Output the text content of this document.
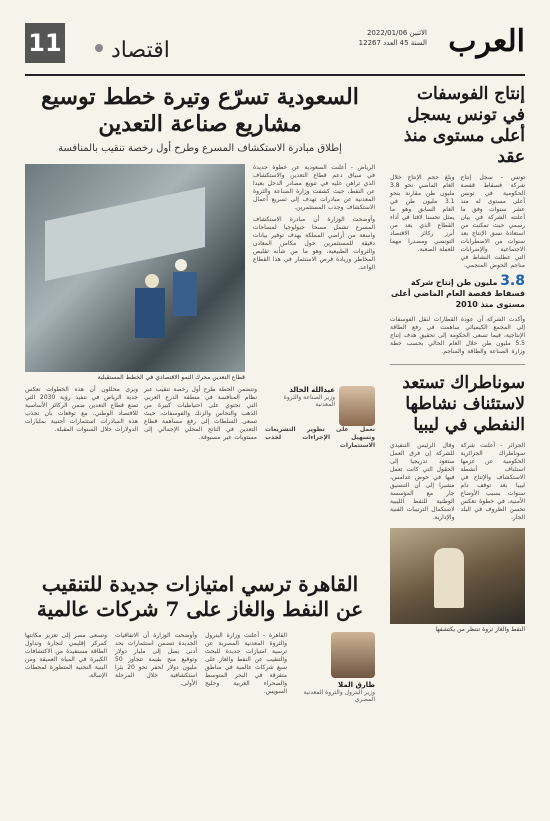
العرب
الاثنين 2022/01/06
السنة 45 العدد 12267
اقتصاد
11
إنتاج الفوسفات في تونس يسجل أعلى مستوى منذ عقد
تونس - سجل إنتاج شركة فسفاط قفصة الحكومية في تونس أعلى مستوى له منذ عشر سنوات وفق ما أعلنته الشركة في بيان رسمي حيث تمكنت من استعادة نسق الإنتاج بعد سنوات من الاضطرابات الاجتماعية والإضرابات التي عطلت النشاط في مناجم الحوض المنجمي.
وبلغ حجم الإنتاج خلال العام الماضي نحو 3.8 مليون طن مقارنة بنحو 3.1 مليون طن في العام السابق وهو ما يمثل تحسنا لافتا في أداء القطاع الذي يعد من أبرز ركائز الاقتصاد التونسي ومصدرا مهما للعملة الصعبة.
3.8 مليون طن إنتاج شركة فسفاط قفصة العام الماضي أعلى مستوى منذ 2010
وأكدت الشركة أن عودة القطارات لنقل الفوسفات إلى المجمع الكيميائي ساهمت في رفع الطاقة الإنتاجية، فيما تسعى الحكومة إلى تحقيق هدف إنتاج 5.5 مليون طن خلال العام الحالي بحسب خطة وزارة الصناعة والطاقة والمناجم.
سوناطراك تستعد لاستئناف نشاطها النفطي في ليبيا
الجزائر - أعلنت شركة سوناطراك الجزائرية الحكومية عن عزمها استئناف أنشطة الاستكشاف والإنتاج في ليبيا بعد توقف دام سنوات بسبب الأوضاع الأمنية، في خطوة تعكس تحسن الظروف في البلد الجار.
وقال الرئيس التنفيذي للشركة إن فرق العمل ستعود تدريجيا إلى الحقول التي كانت تعمل فيها في حوض غدامس، مشيرا إلى أن التنسيق جار مع المؤسسة الوطنية للنفط الليبية لاستكمال الترتيبات الفنية والإدارية.
النفط والغاز ثروة تنتظر من يكتشفها
السعودية تسرّع وتيرة خطط توسيع مشاريع صناعة التعدين
إطلاق مبادرة الاستكشاف المسرع وطرح أول رخصة تنقيب بالمنافسة
قطاع التعدين محرك النمو الاقتصادي في الخطط المستقبلية
الرياض - أعلنت السعودية عن خطوة جديدة في سياق دعم قطاع التعدين والاستكشاف الذي تراهن عليه في تنويع مصادر الدخل بعيدا عن النفط، حيث كشفت وزارة الصناعة والثروة المعدنية عن مبادرات تهدف إلى تسريع أعمال الاستكشاف وجذب المستثمرين.
وأوضحت الوزارة أن مبادرة الاستكشاف المسرع تشمل مسحا جيولوجيا لمساحات واسعة من أراضي المملكة بهدف توفير بيانات دقيقة للمستثمرين حول مكامن المعادن والثروات الطبيعية، وهو ما من شأنه تقليص المخاطر وزيادة فرص الاستثمار في هذا القطاع الواعد.
وتتضمن الخطة طرح أول رخصة تنقيب عبر نظام المنافسة في منطقة الدرع العربي التي تحتوي على احتياطيات كبيرة من الذهب والنحاس والزنك والفوسفات، حيث تسعى السلطات إلى رفع مساهمة قطاع التعدين في الناتج المحلي الإجمالي إلى مستويات غير مسبوقة.
ويرى محللون أن هذه الخطوات تعكس جدية الرياض في تنفيذ رؤية 2030 التي تضع قطاع التعدين ضمن الركائز الأساسية للاقتصاد الوطني، مع توقعات بأن تجذب هذه المبادرات استثمارات أجنبية بمليارات الدولارات خلال السنوات المقبلة.
عبدالله الخالد
وزير الصناعة والثروة المعدنية
نعمل على تطوير التشريعات وتسهيل الإجراءات لجذب الاستثمارات
القاهرة ترسي امتيازات جديدة للتنقيب عن النفط والغاز على 7 شركات عالمية
طارق الملا
وزير البترول والثروة المعدنية المصري
القاهرة - أعلنت وزارة البترول والثروة المعدنية المصرية عن ترسية امتيازات جديدة للبحث والتنقيب عن النفط والغاز على سبع شركات عالمية في مناطق متفرقة في البحر المتوسط والصحراء الغربية وخليج السويس.
وأوضحت الوزارة أن الاتفاقيات الجديدة تتضمن استثمارات بحد أدنى يصل إلى مليار دولار وتوقيع منح بقيمة تتجاوز 50 مليون دولار لحفر نحو 20 بئرا استكشافية خلال المرحلة الأولى.
وتسعى مصر إلى تعزيز مكانتها كمركز إقليمي لتجارة وتداول الطاقة مستفيدة من الاكتشافات الكبيرة في المياه العميقة ومن البنية التحتية المتطورة لمحطات الإسالة.
